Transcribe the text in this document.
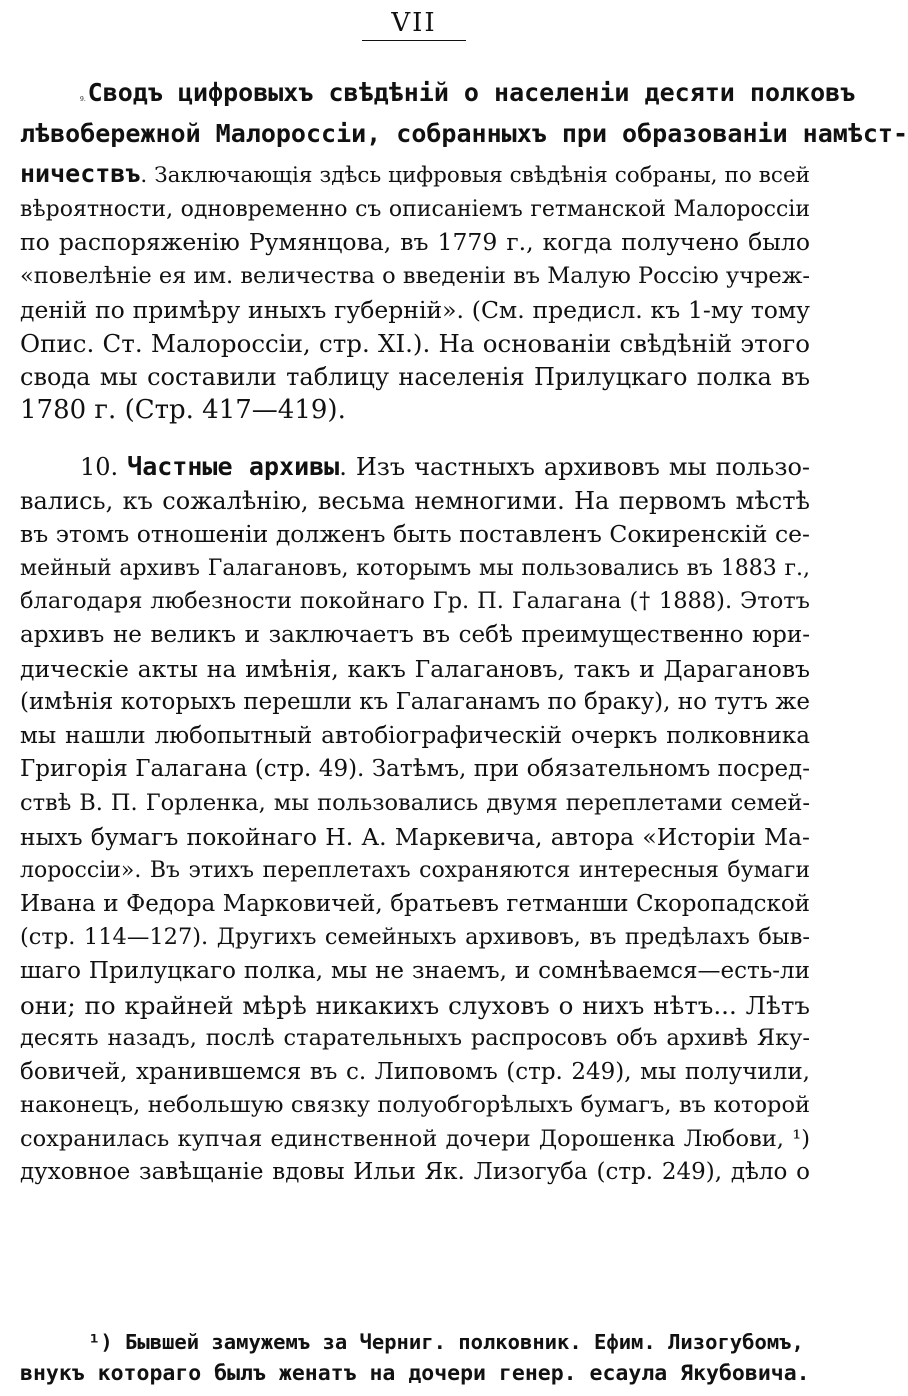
VII
9. Сводъ цифровыхъ свѣдѣній о населеніи десяти полковъ
лѣвобережной Малороссіи, собранныхъ при образованіи намѣст-
ничествъ. Заключающія здѣсь цифровыя свѣдѣнія собраны, по всей
вѣроятности, одновременно съ описаніемъ гетманской Малороссіи
по распоряженію Румянцова, въ 1779 г., когда получено было
«повелѣніе ея им. величества о введеніи въ Малую Россію учреж-
деній по примѣру иныхъ губерній». (См. предисл. къ 1-му тому
Опис. Ст. Малороссіи, стр. XI.). На основаніи свѣдѣній этого
свода мы составили таблицу населенія Прилуцкаго полка въ
1780 г. (Стр. 417—419).
10. Частные архивы. Изъ частныхъ архивовъ мы пользо-
вались, къ сожалѣнію, весьма немногими. На первомъ мѣстѣ
въ этомъ отношеніи долженъ быть поставленъ Сокиренскій се-
мейный архивъ Галагановъ, которымъ мы пользовались въ 1883 г.,
благодаря любезности покойнаго Гр. П. Галагана († 1888). Этотъ
архивъ не великъ и заключаетъ въ себѣ преимущественно юри-
дическіе акты на имѣнія, какъ Галагановъ, такъ и Дарагановъ
(имѣнія которыхъ перешли къ Галаганамъ по браку), но тутъ же
мы нашли любопытный автобіографическій очеркъ полковника
Григорія Галагана (стр. 49). Затѣмъ, при обязательномъ посред-
ствѣ В. П. Горленка, мы пользовались двумя переплетами семей-
ныхъ бумагъ покойнаго Н. А. Маркевича, автора «Исторіи Ма-
лороссіи». Въ этихъ переплетахъ сохраняются интересныя бумаги
Ивана и Федора Марковичей, братьевъ гетманши Скоропадской
(стр. 114—127). Другихъ семейныхъ архивовъ, въ предѣлахъ быв-
шаго Прилуцкаго полка, мы не знаемъ, и сомнѣваемся—есть-ли
они; по крайней мѣрѣ никакихъ слуховъ о нихъ нѣтъ... Лѣтъ
десять назадъ, послѣ старательныхъ распросовъ объ архивѣ Яку-
бовичей, хранившемся въ с. Липовомъ (стр. 249), мы получили,
наконецъ, небольшую связку полуобгорѣлыхъ бумагъ, въ которой
сохранилась купчая единственной дочери Дорошенка Любови, ¹)
духовное завѣщаніе вдовы Ильи Як. Лизогуба (стр. 249), дѣло о
¹) Бывшей замужемъ за Черниг. полковник. Ефим. Лизогубомъ,
внукъ котораго былъ женатъ на дочери генер. есаула Якубовича.
